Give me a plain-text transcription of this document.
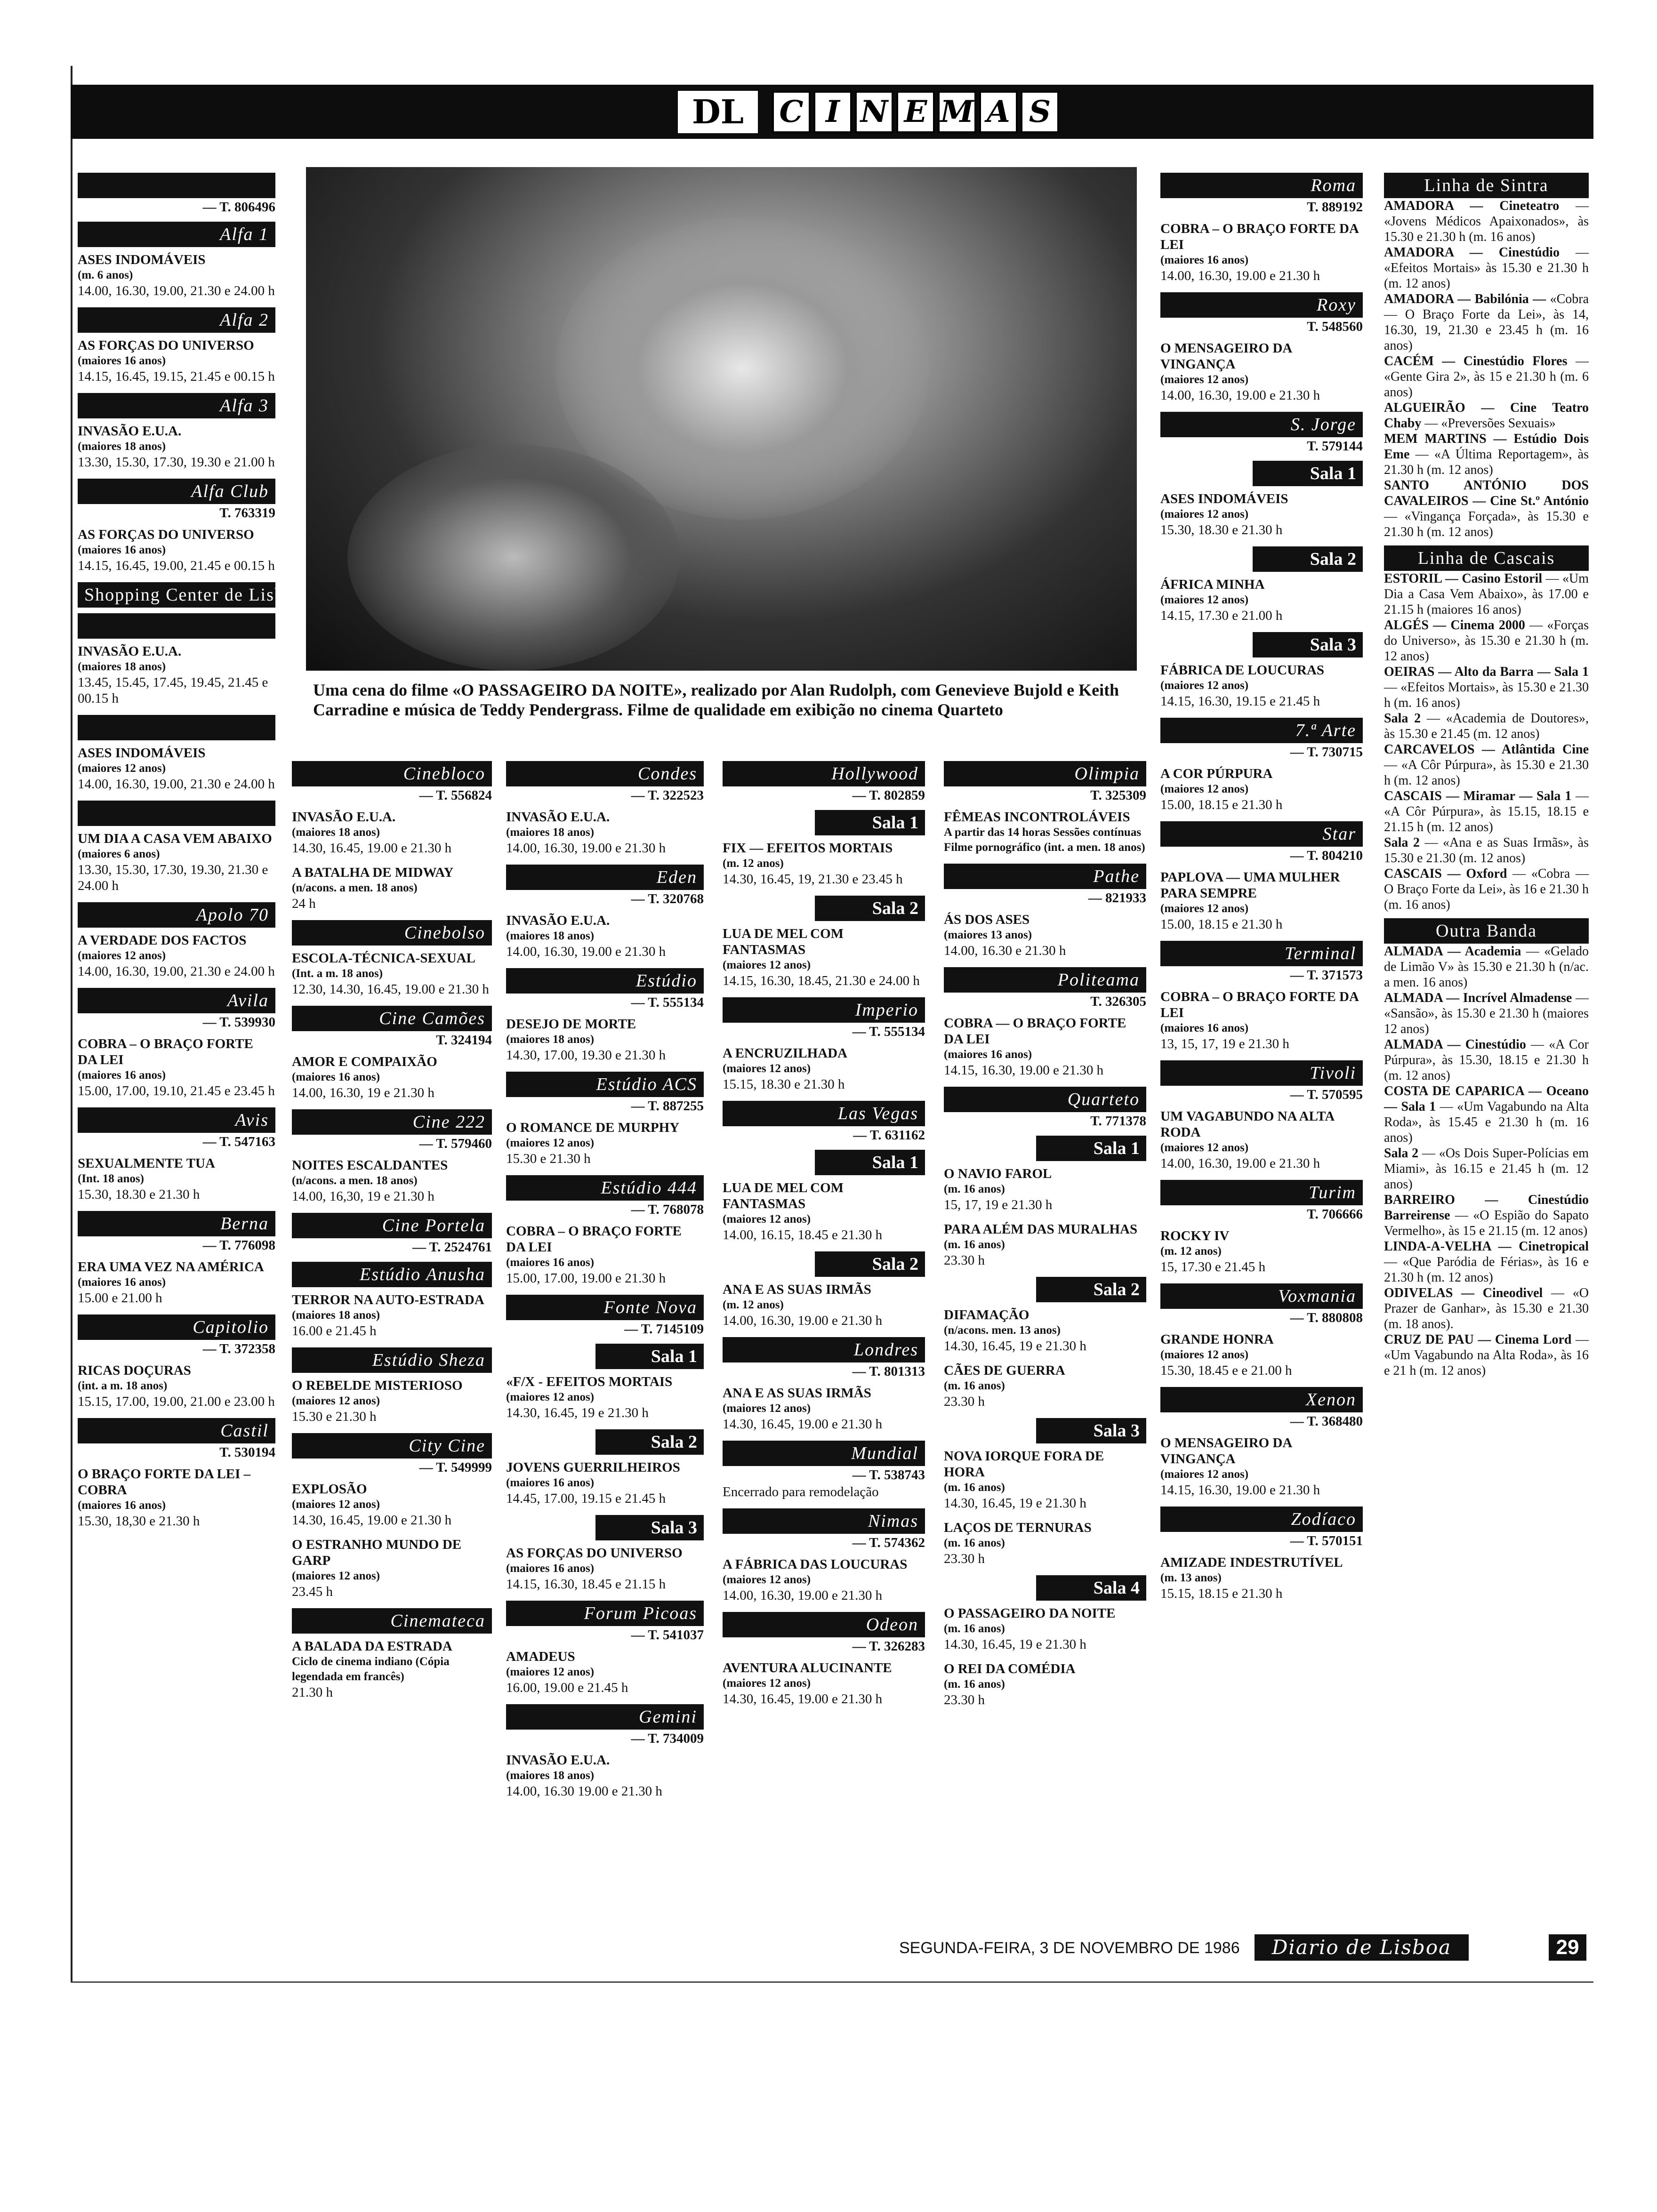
DL	C I N E M A S
— T. 806496
Alfa 1
ASES INDOMÁVEIS
(m. 6 anos)
14.00, 16.30, 19.00, 21.30 e 24.00 h
Alfa 2
AS FORÇAS DO UNIVERSO
(maiores 16 anos)
14.15, 16.45, 19.15, 21.45 e 00.15 h
Alfa 3
INVASÃO E.U.A.
(maiores 18 anos)
13.30, 15.30, 17.30, 19.30 e 21.00 h
Alfa Club
T. 763319
AS FORÇAS DO UNIVERSO
(maiores 16 anos)
14.15, 16.45, 19.00, 21.45 e 00.15 h
Shopping Center de Lisboa
INVASÃO E.U.A.
(maiores 18 anos)
13.45, 15.45, 17.45, 19.45, 21.45 e 00.15 h
ASES INDOMÁVEIS
(maiores 12 anos)
14.00, 16.30, 19.00, 21.30 e 24.00 h
UM DIA A CASA VEM ABAIXO
(maiores 6 anos)
13.30, 15.30, 17.30, 19.30, 21.30 e 24.00 h
Apolo 70
A VERDADE DOS FACTOS
(maiores 12 anos)
14.00, 16.30, 19.00, 21.30 e 24.00 h
Avila
— T. 539930
COBRA – O BRAÇO FORTE DA LEI
(maiores 16 anos)
15.00, 17.00, 19.10, 21.45 e 23.45 h
Avis
— T. 547163
SEXUALMENTE TUA
(Int. 18 anos)
15.30, 18.30 e 21.30 h
Berna
— T. 776098
ERA UMA VEZ NA AMÉRICA
(maiores 16 anos)
15.00 e 21.00 h
Capitolio
— T. 372358
RICAS DOÇURAS
(int. a m. 18 anos)
15.15, 17.00, 19.00, 21.00 e 23.00 h
Castil
T. 530194
O BRAÇO FORTE DA LEI – COBRA
(maiores 16 anos)
15.30, 18,30 e 21.30 h
Uma cena do filme «O PASSAGEIRO DA NOITE», realizado por Alan Rudolph, com Genevieve Bujold e Keith Carradine e música de Teddy Pendergrass. Filme de qualidade em exibição no cinema Quarteto
Cinebloco
— T. 556824
INVASÃO E.U.A.
(maiores 18 anos)
14.30, 16.45, 19.00 e 21.30 h
A BATALHA DE MIDWAY
(n/acons. a men. 18 anos)
24 h
Cinebolso
ESCOLA-TÉCNICA-SEXUAL
(Int. a m. 18 anos)
12.30, 14.30, 16.45, 19.00 e 21.30 h
Cine Camões
T. 324194
AMOR E COMPAIXÃO
(maiores 16 anos)
14.00, 16.30, 19 e 21.30 h
Cine 222
— T. 579460
NOITES ESCALDANTES
(n/acons. a men. 18 anos)
14.00, 16,30, 19 e 21.30 h
Cine Portela
— T. 2524761
Estúdio Anusha
TERROR NA AUTO-ESTRADA
(maiores 18 anos)
16.00 e 21.45 h
Estúdio Sheza
O REBELDE MISTERIOSO
(maiores 12 anos)
15.30 e 21.30 h
City Cine
— T. 549999
EXPLOSÃO
(maiores 12 anos)
14.30, 16.45, 19.00 e 21.30 h
O ESTRANHO MUNDO DE GARP
(maiores 12 anos)
23.45 h
Cinemateca
A BALADA DA ESTRADA
Ciclo de cinema indiano (Cópia legendada em francês)
21.30 h
Condes
— T. 322523
INVASÃO E.U.A.
(maiores 18 anos)
14.00, 16.30, 19.00 e 21.30 h
Eden
— T. 320768
INVASÃO E.U.A.
(maiores 18 anos)
14.00, 16.30, 19.00 e 21.30 h
Estúdio
— T. 555134
DESEJO DE MORTE
(maiores 18 anos)
14.30, 17.00, 19.30 e 21.30 h
Estúdio ACS
— T. 887255
O ROMANCE DE MURPHY
(maiores 12 anos)
15.30 e 21.30 h
Estúdio 444
— T. 768078
COBRA – O BRAÇO FORTE DA LEI
(maiores 16 anos)
15.00, 17.00, 19.00 e 21.30 h
Fonte Nova
— T. 7145109
Sala 1
«F/X - EFEITOS MORTAIS
(maiores 12 anos)
14.30, 16.45, 19 e 21.30 h
Sala 2
JOVENS GUERRILHEIROS
(maiores 16 anos)
14.45, 17.00, 19.15 e 21.45 h
Sala 3
AS FORÇAS DO UNIVERSO
(maiores 16 anos)
14.15, 16.30, 18.45 e 21.15 h
Forum Picoas
— T. 541037
AMADEUS
(maiores 12 anos)
16.00, 19.00 e 21.45 h
Gemini
— T. 734009
INVASÃO E.U.A.
(maiores 18 anos)
14.00, 16.30 19.00 e 21.30 h
Hollywood
— T. 802859
Sala 1
FIX — EFEITOS MORTAIS
(m. 12 anos)
14.30, 16.45, 19, 21.30 e 23.45 h
Sala 2
LUA DE MEL COM FANTASMAS
(maiores 12 anos)
14.15, 16.30, 18.45, 21.30 e 24.00 h
Imperio
— T. 555134
A ENCRUZILHADA
(maiores 12 anos)
15.15, 18.30 e 21.30 h
Las Vegas
— T. 631162
Sala 1
LUA DE MEL COM FANTASMAS
(maiores 12 anos)
14.00, 16.15, 18.45 e 21.30 h
Sala 2
ANA E AS SUAS IRMÃS
(m. 12 anos)
14.00, 16.30, 19.00 e 21.30 h
Londres
— T. 801313
ANA E AS SUAS IRMÃS
(maiores 12 anos)
14.30, 16.45, 19.00 e 21.30 h
Mundial
— T. 538743
Encerrado para remodelação
Nimas
— T. 574362
A FÁBRICA DAS LOUCURAS
(maiores 12 anos)
14.00, 16.30, 19.00 e 21.30 h
Odeon
— T. 326283
AVENTURA ALUCINANTE
(maiores 12 anos)
14.30, 16.45, 19.00 e 21.30 h
Olimpia
T. 325309
FÊMEAS INCONTROLÁVEIS
A partir das 14 horas Sessões contínuas Filme pornográfico (int. a men. 18 anos)
Pathe
— 821933
ÁS DOS ASES
(maiores 13 anos)
14.00, 16.30 e 21.30 h
Politeama
T. 326305
COBRA — O BRAÇO FORTE DA LEI
(maiores 16 anos)
14.15, 16.30, 19.00 e 21.30 h
Quarteto
T. 771378
Sala 1
O NAVIO FAROL
(m. 16 anos)
15, 17, 19 e 21.30 h
PARA ALÉM DAS MURALHAS
(m. 16 anos)
23.30 h
Sala 2
DIFAMAÇÃO
(n/acons. men. 13 anos)
14.30, 16.45, 19 e 21.30 h
CÃES DE GUERRA
(m. 16 anos)
23.30 h
Sala 3
NOVA IORQUE FORA DE HORA
(m. 16 anos)
14.30, 16.45, 19 e 21.30 h
LAÇOS DE TERNURAS
(m. 16 anos)
23.30 h
Sala 4
O PASSAGEIRO DA NOITE
(m. 16 anos)
14.30, 16.45, 19 e 21.30 h
O REI DA COMÉDIA
(m. 16 anos)
23.30 h
Roma
T. 889192
COBRA – O BRAÇO FORTE DA LEI
(maiores 16 anos)
14.00, 16.30, 19.00 e 21.30 h
Roxy
T. 548560
O MENSAGEIRO DA VINGANÇA
(maiores 12 anos)
14.00, 16.30, 19.00 e 21.30 h
S. Jorge
T. 579144
Sala 1
ASES INDOMÁVEIS
(maiores 12 anos)
15.30, 18.30 e 21.30 h
Sala 2
ÁFRICA MINHA
(maiores 12 anos)
14.15, 17.30 e 21.00 h
Sala 3
FÁBRICA DE LOUCURAS
(maiores 12 anos)
14.15, 16.30, 19.15 e 21.45 h
7.ª Arte
— T. 730715
A COR PÚRPURA
(maiores 12 anos)
15.00, 18.15 e 21.30 h
Star
— T. 804210
PAPLOVA — UMA MULHER PARA SEMPRE
(maiores 12 anos)
15.00, 18.15 e 21.30 h
Terminal
— T. 371573
COBRA – O BRAÇO FORTE DA LEI
(maiores 16 anos)
13, 15, 17, 19 e 21.30 h
Tivoli
— T. 570595
UM VAGABUNDO NA ALTA RODA
(maiores 12 anos)
14.00, 16.30, 19.00 e 21.30 h
Turim
T. 706666
ROCKY IV
(m. 12 anos)
15, 17.30 e 21.45 h
Voxmania
— T. 880808
GRANDE HONRA
(maiores 12 anos)
15.30, 18.45 e e 21.00 h
Xenon
— T. 368480
O MENSAGEIRO DA VINGANÇA
(maiores 12 anos)
14.15, 16.30, 19.00 e 21.30 h
Zodíaco
— T. 570151
AMIZADE INDESTRUTÍVEL
(m. 13 anos)
15.15, 18.15 e 21.30 h
Linha de Sintra
AMADORA — Cineteatro — «Jovens Médicos Apaixonados», às 15.30 e 21.30 h (m. 16 anos)
AMADORA — Cinestúdio — «Efeitos Mortais» às 15.30 e 21.30 h (m. 12 anos)
AMADORA — Babilónia — «Cobra — O Braço Forte da Lei», às 14, 16.30, 19, 21.30 e 23.45 h (m. 16 anos)
CACÉM — Cinestúdio Flores — «Gente Gira 2», às 15 e 21.30 h (m. 6 anos)
ALGUEIRÃO — Cine Teatro Chaby — «Preversões Sexuais»
MEM MARTINS — Estúdio Dois Eme — «A Última Reportagem», às 21.30 h (m. 12 anos)
SANTO ANTÓNIO DOS CAVALEIROS — Cine St.º António — «Vingança Forçada», às 15.30 e 21.30 h (m. 12 anos)
Linha de Cascais
ESTORIL — Casino Estoril — «Um Dia a Casa Vem Abaixo», às 17.00 e 21.15 h (maiores 16 anos)
ALGÉS — Cinema 2000 — «Forças do Universo», às 15.30 e 21.30 h (m. 12 anos)
OEIRAS — Alto da Barra — Sala 1 — «Efeitos Mortais», às 15.30 e 21.30 h (m. 16 anos)
Sala 2 — «Academia de Doutores», às 15.30 e 21.45 (m. 12 anos)
CARCAVELOS — Atlântida Cine — «A Côr Púrpura», às 15.30 e 21.30 h (m. 12 anos)
CASCAIS — Miramar — Sala 1 — «A Côr Púrpura», às 15.15, 18.15 e 21.15 h (m. 12 anos)
Sala 2 — «Ana e as Suas Irmãs», às 15.30 e 21.30 (m. 12 anos)
CASCAIS — Oxford — «Cobra — O Braço Forte da Lei», às 16 e 21.30 h (m. 16 anos)
Outra Banda
ALMADA — Academia — «Gelado de Limão V» às 15.30 e 21.30 h (n/ac. a men. 16 anos)
ALMADA — Incrível Almadense — «Sansão», às 15.30 e 21.30 h (maiores 12 anos)
ALMADA — Cinestúdio — «A Cor Púrpura», às 15.30, 18.15 e 21.30 h (m. 12 anos)
COSTA DE CAPARICA — Oceano — Sala 1 — «Um Vagabundo na Alta Roda», às 15.45 e 21.30 h (m. 16 anos)
Sala 2 — «Os Dois Super-Polícias em Miami», às 16.15 e 21.45 h (m. 12 anos)
BARREIRO — Cinestúdio Barreirense — «O Espião do Sapato Vermelho», às 15 e 21.15 (m. 12 anos)
LINDA-A-VELHA — Cinetropical — «Que Paródia de Férias», às 16 e 21.30 h (m. 12 anos)
ODIVELAS — Cineodivel — «O Prazer de Ganhar», às 15.30 e 21.30 (m. 18 anos).
CRUZ DE PAU — Cinema Lord — «Um Vagabundo na Alta Roda», às 16 e 21 h (m. 12 anos)
SEGUNDA-FEIRA, 3 DE NOVEMBRO DE 1986	Diario de Lisboa	29
